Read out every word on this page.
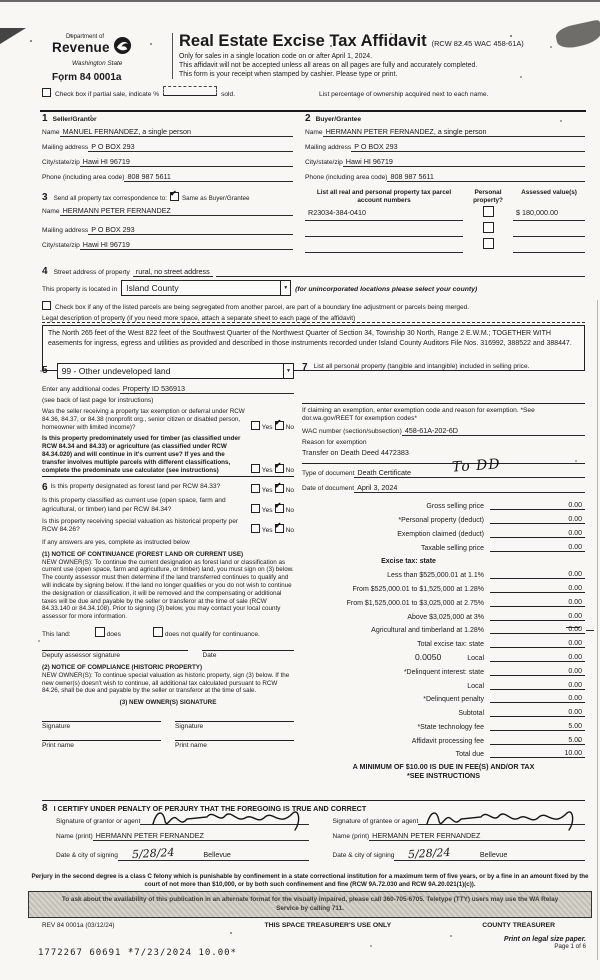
Department of
Revenue
Washington State
Form 84 0001a
Real Estate Excise Tax Affidavit (RCW 82.45 WAC 458-61A)
Only for sales in a single location code on or after April 1, 2024.
This affidavit will not be accepted unless all areas on all pages are fully and accurately completed.
This form is your receipt when stamped by cashier. Please type or print.
Check box if partial sale, indicate %	sold.	List percentage of ownership acquired next to each name.
1 Seller/Grantor
Name MANUEL FERNANDEZ, a single person
Mailing address P O BOX 293
City/state/zip Hawi HI 96719
Phone (including area code) 808 987 5611
3 Send all property tax correspondence to:
✔
Same as Buyer/Grantee
Name HERMANN PETER FERNANDEZ
Mailing address P O BOX 293
City/state/zip Hawi HI 96719
2 Buyer/Grantee
Name HERMANN PETER FERNANDEZ, a single person
Mailing address P O BOX 293
City/state/zip Hawi HI 96719
Phone (including area code) 808 987 5611
List all real and personal property tax parcel account numbers
Personal property?
Assessed value(s)
R23034-384-0410	$ 180,000.00
4 Street address of property rural, no street address
This property is located in	Island County	▼ (for unincorporated locations please select your county)
Check box if any of the listed parcels are being segregated from another parcel, are part of a boundary line adjustment or parcels being merged.
Legal description of property (if you need more space, attach a separate sheet to each page of the affidavit)
The North 265 feet of the West 822 feet of the Southwest Quarter of the Northwest Quarter of Section 34, Township 30 North, Range 2 E.W.M.; TOGETHER WITH easements for ingress, egress and utilities as provided and described in those instruments recorded under Island County Auditors File Nos. 316992, 388522 and 388447.
5	99 - Other undeveloped land	▼
Enter any additional codes Property ID 536913
(see back of last page for instructions)
Was the seller receiving a property tax exemption or deferral under RCW 84.36, 84.37, or 84.38 (nonprofit org., senior citizen or disabled person, homeowner with limited income)?	Yes
✔
No
Is this property predominately used for timber (as classified under RCW 84.34 and 84.33) or agriculture (as classified under RCW 84.34.020) and will continue in it's current use? If yes and the transfer involves multiple parcels with different classifications, complete the predominate use calculator (see instructions)	Yes
✔
No
6 Is this property designated as forest land per RCW 84.33?
Yes
✔
No
Is this property classified as current use (open space, farm and agricultural, or timber) land per RCW 84.34?	Yes
✔
No
Is this property receiving special valuation as historical property per RCW 84.26?	Yes
✔
No
If any answers are yes, complete as instructed below
(1) NOTICE OF CONTINUANCE (FOREST LAND OR CURRENT USE)
NEW OWNER(S): To continue the current designation as forest land or classification as current use (open space, farm and agriculture, or timber) land, you must sign on (3) below. The county assessor must then determine if the land transferred continues to qualify and will indicate by signing below. If the land no longer qualifies or you do not wish to continue the designation or classification, it will be removed and the compensating or additional taxes will be due and payable by the seller or transferor at the time of sale (RCW 84.33.140 or 84.34.108). Prior to signing (3) below, you may contact your local county assessor for more information.
This land:	does	does not qualify for continuance.
Deputy assessor signature	Date
(2) NOTICE OF COMPLIANCE (HISTORIC PROPERTY)
NEW OWNER(S): To continue special valuation as historic property, sign (3) below. If the new owner(s) doesn't wish to continue, all additional tax calculated pursuant to RCW 84.26, shall be due and payable by the seller or transferor at the time of sale.
(3) NEW OWNER(S) SIGNATURE
Signature	Signature
Print name	Print name
7 List all personal property (tangible and intangible) included in selling price.
If claiming an exemption, enter exemption code and reason for exemption. *See dor.wa.gov/REET for exemption codes*
WAC number (section/subsection) 458-61A-202-6D
Reason for exemption
Transfer on Death Deed 4472383
Type of document Death Certificate	To DD
Date of document April 3, 2024
Gross selling price	0.00
*Personal property (deduct)	0.00
Exemption claimed (deduct)	0.00
Taxable selling price	0.00
Excise tax: state
Less than $525,000.01 at 1.1%	0.00
From $525,000.01 to $1,525,000 at 1.28%	0.00
From $1,525,000.01 to $3,025,000 at 2.75%	0.00
Above $3,025,000 at 3%	0.00
Agricultural and timberland at 1.28%	0.00
Total excise tax: state	0.00
0.0050	Local	0.00
*Delinquent interest: state	0.00
Local	0.00
*Delinquent penalty	0.00
Subtotal	0.00
*State technology fee	5.00
Affidavit processing fee	5.00
Total due	10.00
A MINIMUM OF $10.00 IS DUE IN FEE(S) AND/OR TAX
*SEE INSTRUCTIONS
8 I CERTIFY UNDER PENALTY OF PERJURY THAT THE FOREGOING IS TRUE AND CORRECT
Signature of grantor or agent
Name (print) HERMANN PETER FERNANDEZ
Date & city of signing 5/28/24	Bellevue
Signature of grantee or agent
Name (print) HERMANN PETER FERNANDEZ
Date & city of signing 5/28/24	Bellevue
Perjury in the second degree is a class C felony which is punishable by confinement in a state correctional institution for a maximum term of five years, or by a fine in an amount fixed by the court of not more than $10,000, or by both such confinement and fine (RCW 9A.72.030 and RCW 9A.20.021(1)(c)).
To ask about the availability of this publication in an alternate format for the visually impaired, please call 360-705-6705. Teletype (TTY) users may use the WA Relay Service by calling 711.
REV 84 0001a (03/12/24)	THIS SPACE TREASURER'S USE ONLY	COUNTY TREASURER
1772267 60691 *7/23/2024 10.00*
Print on legal size paper.
Page 1 of 6
